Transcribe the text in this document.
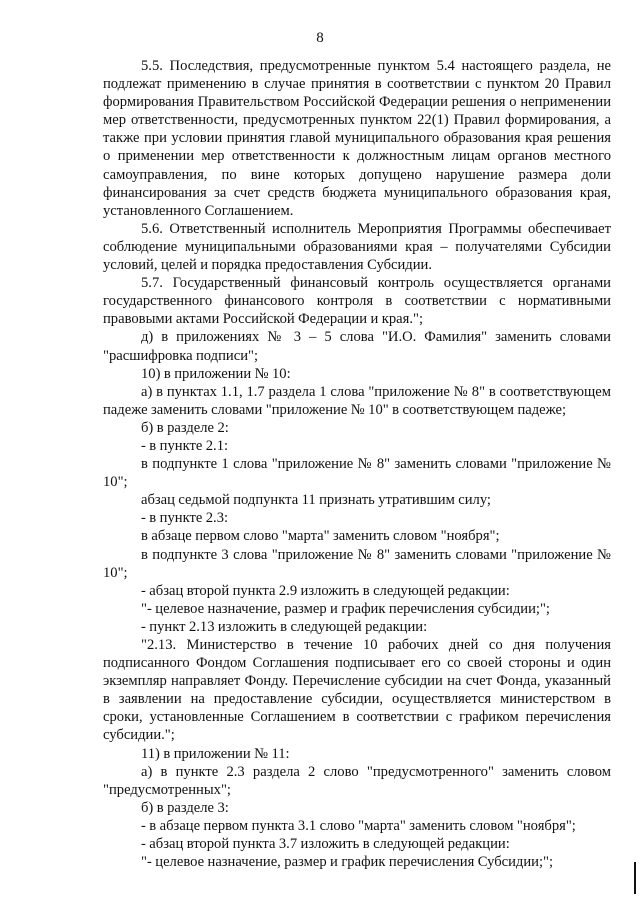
8

5.5. Последствия, предусмотренные пунктом 5.4 настоящего раздела, не подлежат применению в случае принятия в соответствии с пунктом 20 Правил формирования Правительством Российской Федерации решения о неприменении мер ответственности, предусмотренных пунктом 22(1) Правил формирования, а также при условии принятия главой муниципального образования края решения о применении мер ответственности к должностным лицам органов местного самоуправления, по вине которых допущено нарушение размера доли финансирования за счет средств бюджета муниципального образования края, установленного Соглашением.

5.6. Ответственный исполнитель Мероприятия Программы обеспечивает соблюдение муниципальными образованиями края – получателями Субсидии условий, целей и порядка предоставления Субсидии.

5.7. Государственный финансовый контроль осуществляется органами государственного финансового контроля в соответствии с нормативными правовыми актами Российской Федерации и края.";

д) в приложениях № 3 – 5 слова "И.О. Фамилия" заменить словами "расшифровка подписи";

10) в приложении № 10:

а) в пунктах 1.1, 1.7 раздела 1 слова "приложение № 8" в соответствующем падеже заменить словами "приложение № 10" в соответствующем падеже;

б) в разделе 2:

- в пункте 2.1:

в подпункте 1 слова "приложение № 8" заменить словами "приложение № 10";

абзац седьмой подпункта 11 признать утратившим силу;

- в пункте 2.3:

в абзаце первом слово "марта" заменить словом "ноября";

в подпункте 3 слова "приложение № 8" заменить словами "приложение № 10";

- абзац второй пункта 2.9 изложить в следующей редакции:

"- целевое назначение, размер и график перечисления субсидии;";

- пункт 2.13 изложить в следующей редакции:

"2.13. Министерство в течение 10 рабочих дней со дня получения подписанного Фондом Соглашения подписывает его со своей стороны и один экземпляр направляет Фонду. Перечисление субсидии на счет Фонда, указанный в заявлении на предоставление субсидии, осуществляется министерством в сроки, установленные Соглашением в соответствии с графиком перечисления субсидии.";

11) в приложении № 11:

а) в пункте 2.3 раздела 2 слово "предусмотренного" заменить словом "предусмотренных";

б) в разделе 3:

- в абзаце первом пункта 3.1 слово "марта" заменить словом "ноября";

- абзац второй пункта 3.7 изложить в следующей редакции:

"- целевое назначение, размер и график перечисления Субсидии;";
